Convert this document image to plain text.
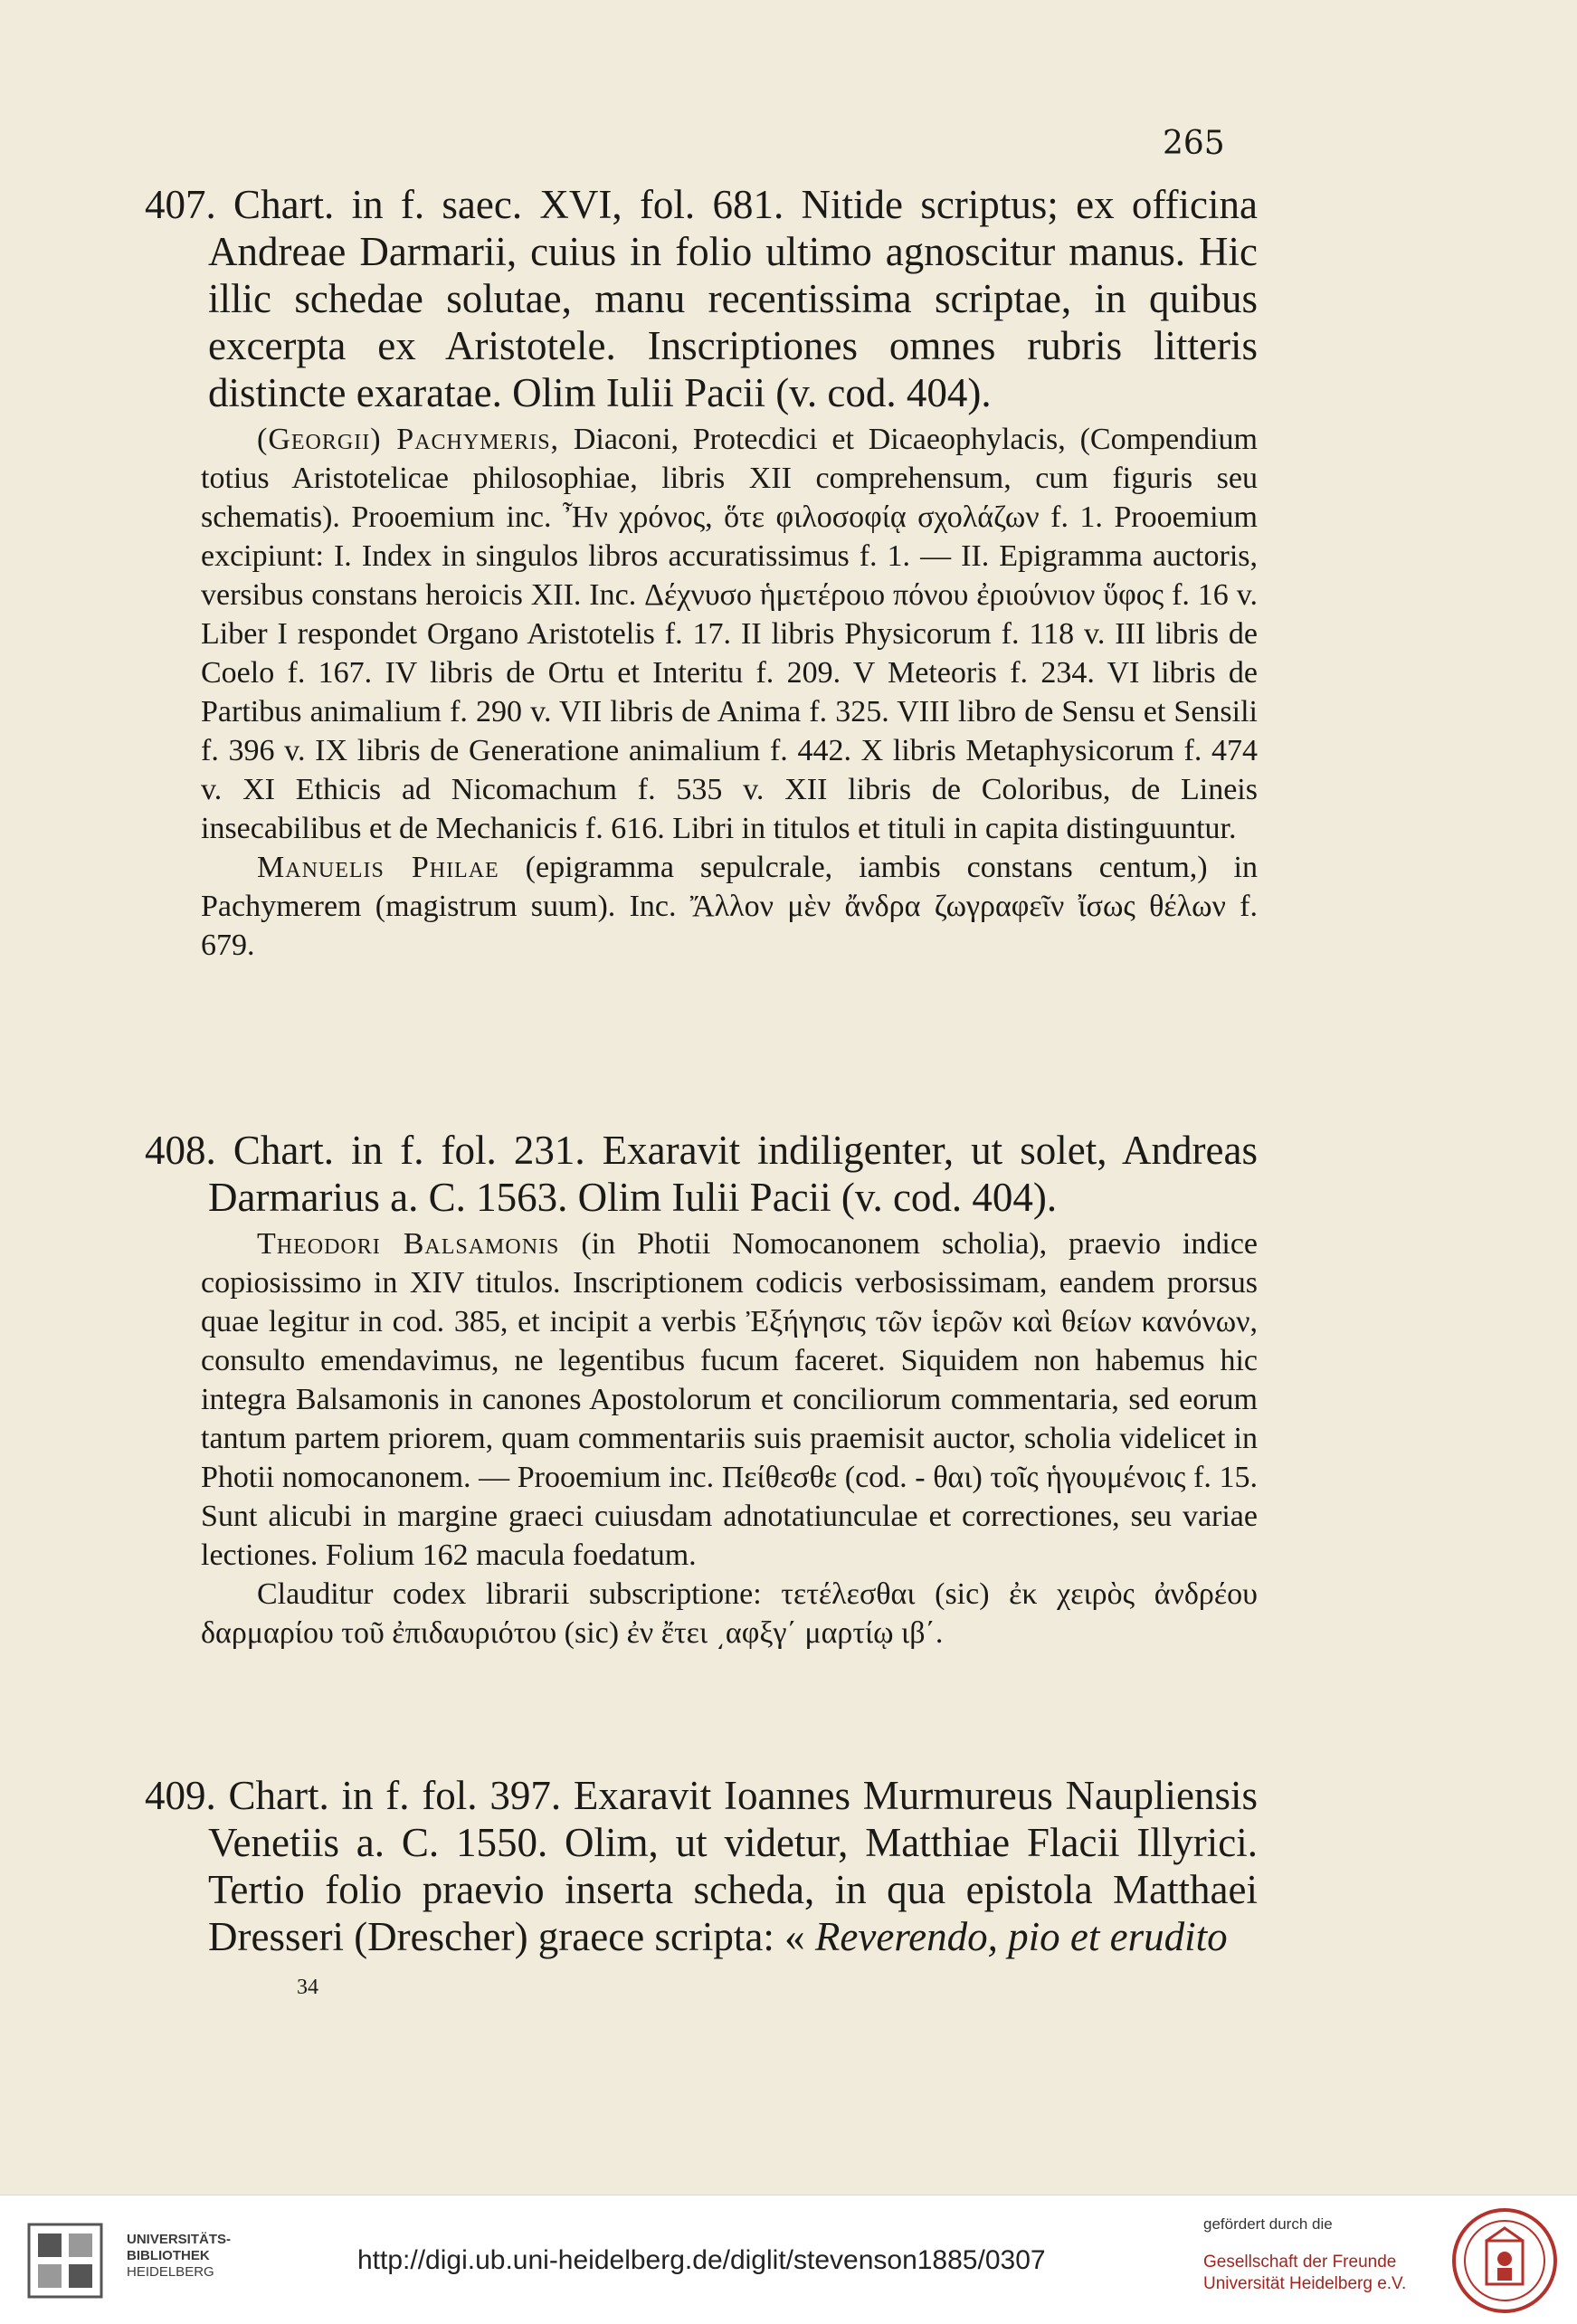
265

407. Chart. in f. saec. XVI, fol. 681. Nitide scriptus; ex officina Andreae Darmarii, cuius in folio ultimo agnoscitur manus. Hic illic schedae solutae, manu recentissima scriptae, in quibus excerpta ex Aristotele. Inscriptiones omnes rubris litteris distincte exaratae. Olim Iulii Pacii (v. cod. 404).

(Georgii) Pachymeris, Diaconi, Protecdici et Dicaeophylacis, (Compendium totius Aristotelicae philosophiae, libris XII comprehensum, cum figuris seu schematis). Prooemium inc. Ἦν χρόνος, ὅτε φιλοσοφίᾳ σχολάζων f. 1. Prooemium excipiunt: I. Index in singulos libros accuratissimus f. 1. — II. Epigramma auctoris, versibus constans heroicis XII. Inc. Δέχνυσο ἡμετέροιο πόνου ἐριούνιον ὕφος f. 16 v. Liber I respondet Organo Aristotelis f. 17. II libris Physicorum f. 118 v. III libris de Coelo f. 167. IV libris de Ortu et Interitu f. 209. V Meteoris f. 234. VI libris de Partibus animalium f. 290 v. VII libris de Anima f. 325. VIII libro de Sensu et Sensili f. 396 v. IX libris de Generatione animalium f. 442. X libris Metaphysicorum f. 474 v. XI Ethicis ad Nicomachum f. 535 v. XII libris de Coloribus, de Lineis insecabilibus et de Mechanicis f. 616. Libri in titulos et tituli in capita distinguuntur.

Manuelis Philae (epigramma sepulcrale, iambis constans centum,) in Pachymerem (magistrum suum). Inc. Ἄλλον μὲν ἄνδρα ζωγραφεῖν ἴσως θέλων f. 679.

408. Chart. in f. fol. 231. Exaravit indiligenter, ut solet, Andreas Darmarius a. C. 1563. Olim Iulii Pacii (v. cod. 404).

Theodori Balsamonis (in Photii Nomocanonem scholia), praevio indice copiosissimo in XIV titulos. Inscriptionem codicis verbosissimam, eandem prorsus quae legitur in cod. 385, et incipit a verbis Ἐξήγησις τῶν ἱερῶν καὶ θείων κανόνων, consulto emendavimus, ne legentibus fucum faceret. Siquidem non habemus hic integra Balsamonis in canones Apostolorum et conciliorum commentaria, sed eorum tantum partem priorem, quam commentariis suis praemisit auctor, scholia videlicet in Photii nomocanonem. — Prooemium inc. Πείθεσθε (cod. - θαι) τοῖς ἡγουμένοις f. 15. Sunt alicubi in margine graeci cuiusdam adnotatiunculae et correctiones, seu variae lectiones. Folium 162 macula foedatum.

Clauditur codex librarii subscriptione: τετέλεσθαι (sic) ἐκ χειρὸς ἀνδρέου δαρμαρίου τοῦ ἐπιδαυριότου (sic) ἐν ἔτει ͵αφξγ΄ μαρτίῳ ιβ΄.

409. Chart. in f. fol. 397. Exaravit Ioannes Murmureus Naupliensis Venetiis a. C. 1550. Olim, ut videtur, Matthiae Flacii Illyrici. Tertio folio praevio inserta scheda, in qua epistola Matthaei Dresseri (Drescher) graece scripta: « Reverendo, pio et erudito

34
UNIVERSITÄTS-
BIBLIOTHEK
HEIDELBERG	http://digi.ub.uni-heidelberg.de/diglit/stevenson1885/0307
gefördert durch die
Gesellschaft der Freunde
Universität Heidelberg e.V.
